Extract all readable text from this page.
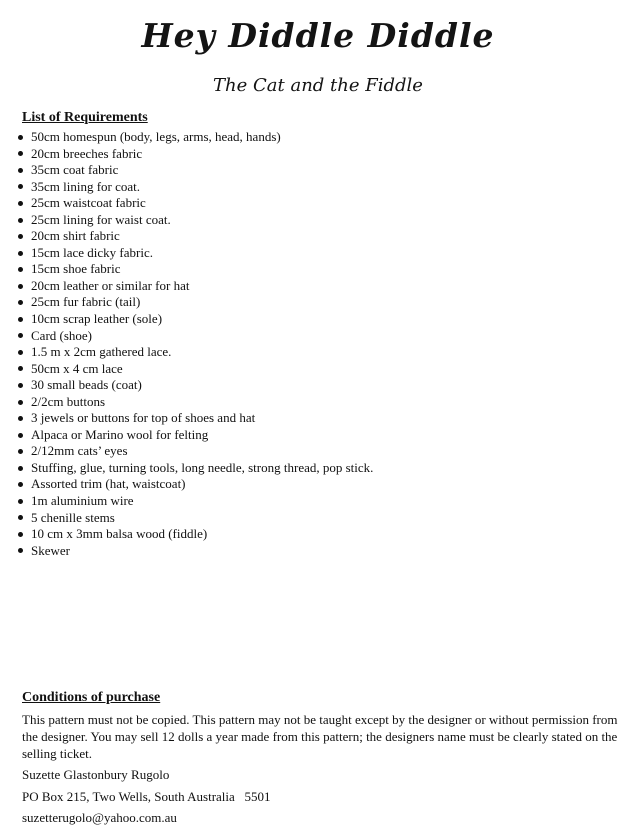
Hey Diddle Diddle
The Cat and the Fiddle
List of Requirements
50cm homespun (body, legs, arms, head, hands)
20cm breeches fabric
35cm coat fabric
35cm lining for coat.
25cm waistcoat fabric
25cm lining for waist coat.
20cm shirt fabric
15cm lace dicky fabric.
15cm shoe fabric
20cm leather or similar for hat
25cm fur fabric (tail)
10cm scrap leather (sole)
Card (shoe)
1.5 m x 2cm gathered lace.
50cm x 4 cm lace
30 small beads (coat)
2/2cm buttons
3 jewels or buttons for top of shoes and hat
Alpaca or Marino wool for felting
2/12mm cats’ eyes
Stuffing, glue, turning tools, long needle, strong thread, pop stick.
Assorted trim (hat, waistcoat)
1m aluminium wire
5 chenille stems
10 cm x 3mm balsa wood (fiddle)
Skewer
Conditions of purchase
This pattern must not be copied. This pattern may not be taught except by the designer or without permission from the designer. You may sell 12 dolls a year made from this pattern; the designers name must be clearly stated on the selling ticket.
Suzette Glastonbury Rugolo
PO Box 215, Two Wells, South Australia   5501
suzetterugolo@yahoo.com.au
